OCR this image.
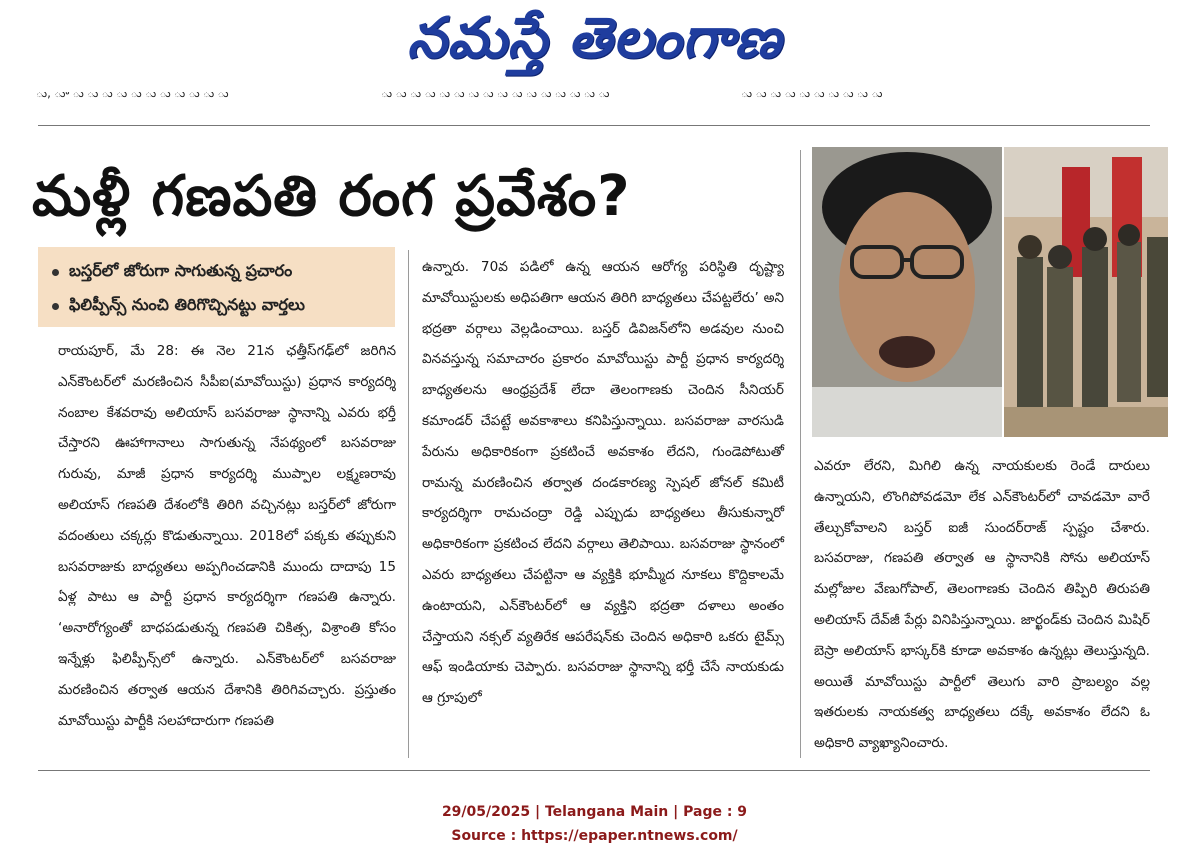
నమస్తే తెలంగాణ
ు, ూ ు ు ు ు ు ు ు ు ు ు ు	ు ు ు ు ు ు ు ు ు ు ు ు ు ు ు ు	ు ు ు ు ు ు ు ు ు ు
మళ్లీ గణపతి రంగ ప్రవేశం?
బస్తర్‌లో జోరుగా సాగుతున్న ప్రచారం
ఫిలిప్పీన్స్ నుంచి తిరిగొచ్చినట్టు వార్తలు
రాయపూర్, మే 28: ఈ నెల 21న ఛత్తీస్‌గఢ్‌లో జరిగిన ఎన్‌కౌంటర్‌లో మరణించిన సీపీఐ(మావోయిస్టు) ప్రధాన కార్యదర్శి నంబాల కేశవరావు అలియాస్ బసవరాజు స్థానాన్ని ఎవరు భర్తీ చేస్తారని ఊహాగానాలు సాగుతున్న నేపథ్యంలో బసవరాజు గురువు, మాజీ ప్రధాన కార్యదర్శి ముప్పాల లక్ష్మణరావు అలియాస్ గణపతి దేశంలోకి తిరిగి వచ్చినట్లు బస్తర్‌లో జోరుగా వదంతులు చక్కర్లు కొడుతున్నాయి. 2018లో పక్కకు తప్పుకుని బసవరాజుకు బాధ్యతలు అప్పగించడానికి ముందు దాదాపు 15 ఏళ్ల పాటు ఆ పార్టీ ప్రధాన కార్యదర్శిగా గణపతి ఉన్నారు. ‘అనారోగ్యంతో బాధపడుతున్న గణపతి చికిత్స, విశ్రాంతి కోసం ఇన్నేళ్లు ఫిలిప్పీన్స్‌లో ఉన్నారు. ఎన్‌కౌంటర్‌లో బసవరాజు మరణించిన తర్వాత ఆయన దేశానికి తిరిగివచ్చారు. ప్రస్తుతం మావోయిస్టు పార్టీకి సలహాదారుగా గణపతి
ఉన్నారు. 70వ పడిలో ఉన్న ఆయన ఆరోగ్య పరిస్థితి దృష్ట్యా మావోయిస్టులకు అధిపతిగా ఆయన తిరిగి బాధ్యతలు చేపట్టలేరు’ అని భద్రతా వర్గాలు వెల్లడించాయి. బస్తర్ డివిజన్‌లోని అడవుల నుంచి వినవస్తున్న సమాచారం ప్రకారం మావోయిస్టు పార్టీ ప్రధాన కార్యదర్శి బాధ్యతలను ఆంధ్రప్రదేశ్ లేదా తెలంగాణకు చెందిన సీనియర్ కమాండర్ చేపట్టే అవకాశాలు కనిపిస్తున్నాయి. బసవరాజు వారసుడి పేరును అధికారికంగా ప్రకటించే అవకాశం లేదని, గుండెపోటుతో రామన్న మరణించిన తర్వాత దండకారణ్య స్పెషల్ జోనల్ కమిటీ కార్యదర్శిగా రామచంద్రా రెడ్డి ఎప్పుడు బాధ్యతలు తీసుకున్నారో అధికారికంగా ప్రకటించ లేదని వర్గాలు తెలిపాయి. బసవరాజు స్థానంలో ఎవరు బాధ్యతలు చేపట్టినా ఆ వ్యక్తికి భూమ్మీద నూకలు కొద్దికాలమే ఉంటాయని, ఎన్‌కౌంటర్‌లో ఆ వ్యక్తిని భద్రతా దళాలు అంతం చేస్తాయని నక్సల్ వ్యతిరేక ఆపరేషన్‌కు చెందిన అధికారి ఒకరు టైమ్స్ ఆఫ్ ఇండియాకు చెప్పారు. బసవరాజు స్థానాన్ని భర్తీ చేసే నాయకుడు ఆ గ్రూపులో
ఎవరూ లేరని, మిగిలి ఉన్న నాయకులకు రెండే దారులు ఉన్నాయని, లొంగిపోవడమో లేక ఎన్‌కౌంటర్‌లో చావడమో వారే తేల్చుకోవాలని బస్తర్ ఐజీ సుందర్‌రాజ్ స్పష్టం చేశారు. బసవరాజు, గణపతి తర్వాత ఆ స్థానానికి సోను అలియాస్ మల్లోజుల వేణుగోపాల్, తెలంగాణకు చెందిన తిప్పిరి తిరుపతి అలియాస్ దేవ్‌జీ పేర్లు వినిపిస్తున్నాయి. జార్ఖండ్‌కు చెందిన మిషిర్ బెస్రా అలియాస్ భాస్కర్‌కి కూడా అవకాశం ఉన్నట్లు తెలుస్తున్నది. అయితే మావోయిస్టు పార్టీలో తెలుగు వారి ప్రాబల్యం వల్ల ఇతరులకు నాయకత్వ బాధ్యతలు దక్కే అవకాశం లేదని ఓ అధికారి వ్యాఖ్యానించారు.
29/05/2025 | Telangana Main | Page : 9
Source : https://epaper.ntnews.com/
